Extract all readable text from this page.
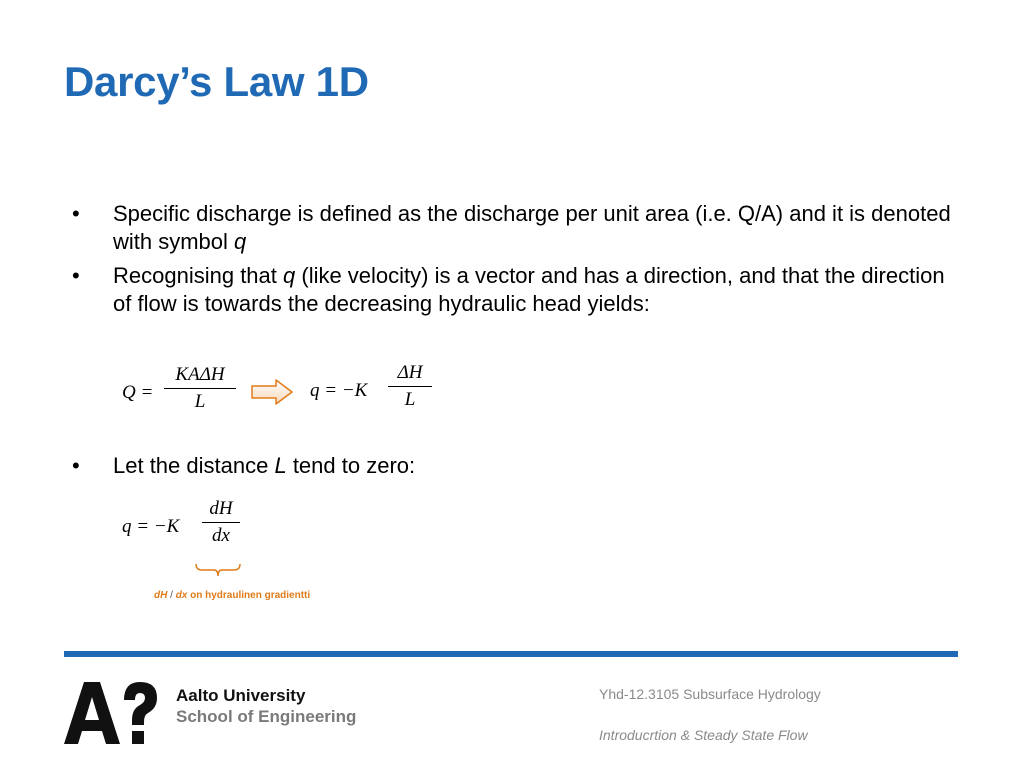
Darcy’s Law 1D
• Specific discharge is defined as the discharge per unit area (i.e. Q/A) and it is denoted with symbol q
• Recognising that q (like velocity) is a vector and has a direction, and that the direction of flow is towards the decreasing hydraulic head yields:
Q =
KAΔH
L
q = −K
ΔH
L
• Let the distance L tend to zero:
q = −K
dH
dx
dH / dx on hydraulinen gradientti
Aalto University
School of Engineering
Yhd-12.3105 Subsurface Hydrology
Introducrtion & Steady State Flow
